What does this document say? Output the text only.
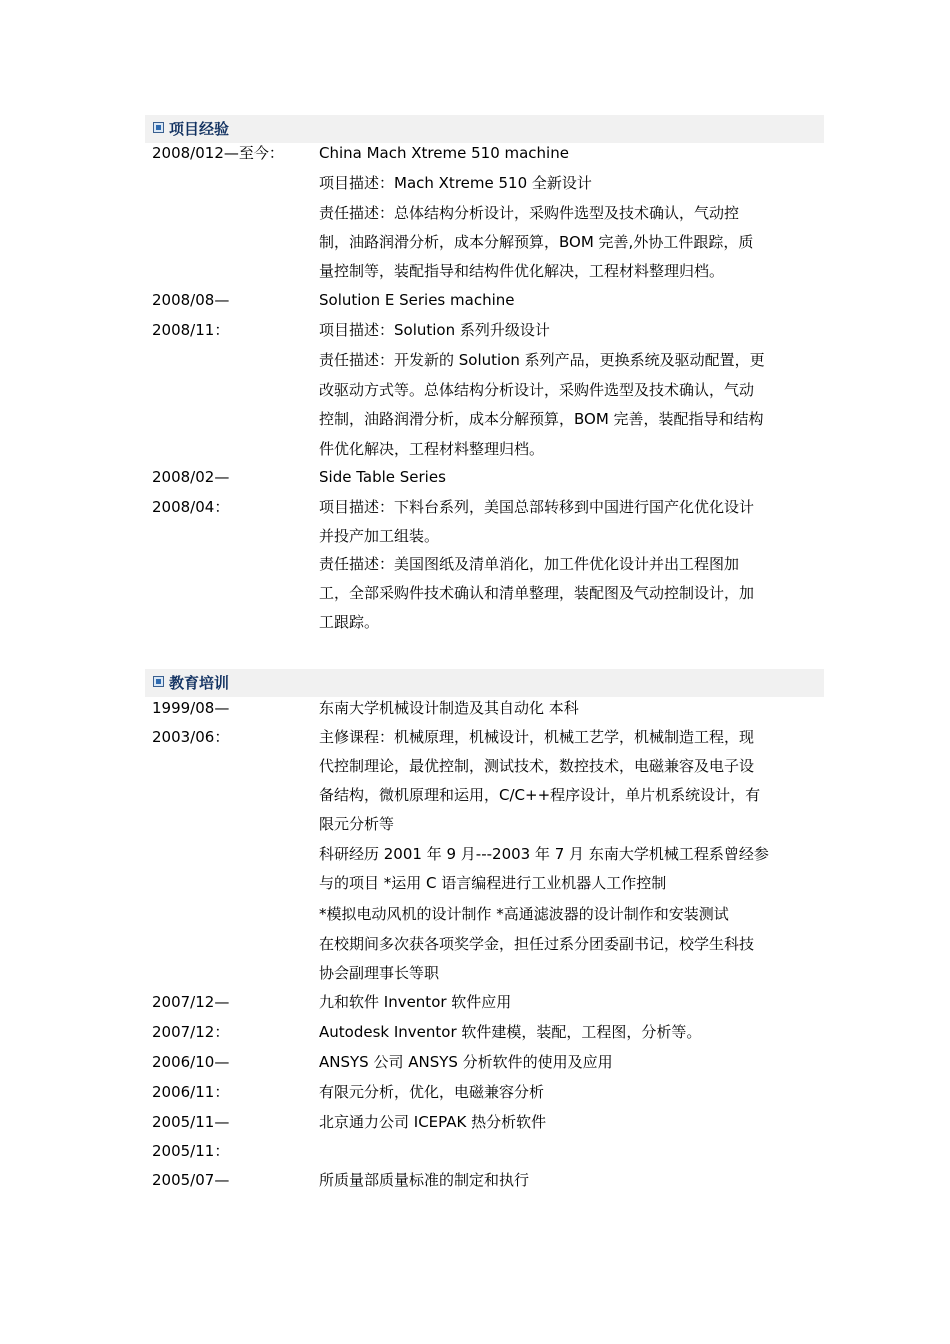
项目经验
2008/012—至今： China Mach Xtreme 510 machine
项目描述：Mach Xtreme 510 全新设计
责任描述：总体结构分析设计，采购件选型及技术确认，气动控
制，油路润滑分析，成本分解预算，BOM 完善,外协工件跟踪，质
量控制等，装配指导和结构件优化解决，工程材料整理归档。
2008/08—	Solution E Series machine
2008/11：	项目描述：Solution 系列升级设计
责任描述：开发新的 Solution 系列产品，更换系统及驱动配置，更
改驱动方式等。总体结构分析设计，采购件选型及技术确认，气动
控制，油路润滑分析，成本分解预算，BOM 完善，装配指导和结构
件优化解决，工程材料整理归档。
2008/02—	Side Table Series
2008/04：	项目描述：下料台系列，美国总部转移到中国进行国产化优化设计
并投产加工组装。
责任描述：美国图纸及清单消化，加工件优化设计并出工程图加
工，全部采购件技术确认和清单整理，装配图及气动控制设计，加
工跟踪。
教育培训
1999/08—	东南大学机械设计制造及其自动化 本科
2003/06：	主修课程：机械原理，机械设计，机械工艺学，机械制造工程，现
代控制理论，最优控制，测试技术，数控技术，电磁兼容及电子设
备结构，微机原理和运用，C/C++程序设计，单片机系统设计，有
限元分析等
科研经历 2001 年 9 月---2003 年 7 月 东南大学机械工程系曾经参
与的项目 *运用 C 语言编程进行工业机器人工作控制
*模拟电动风机的设计制作 *高通滤波器的设计制作和安装测试
在校期间多次获各项奖学金，担任过系分团委副书记，校学生科技
协会副理事长等职
2007/12—	九和软件 Inventor 软件应用
2007/12：	Autodesk Inventor 软件建模，装配，工程图，分析等。
2006/10—	ANSYS 公司 ANSYS 分析软件的使用及应用
2006/11：	有限元分析，优化，电磁兼容分析
2005/11—	北京通力公司 ICEPAK 热分析软件
2005/11：
2005/07—	所质量部质量标准的制定和执行
